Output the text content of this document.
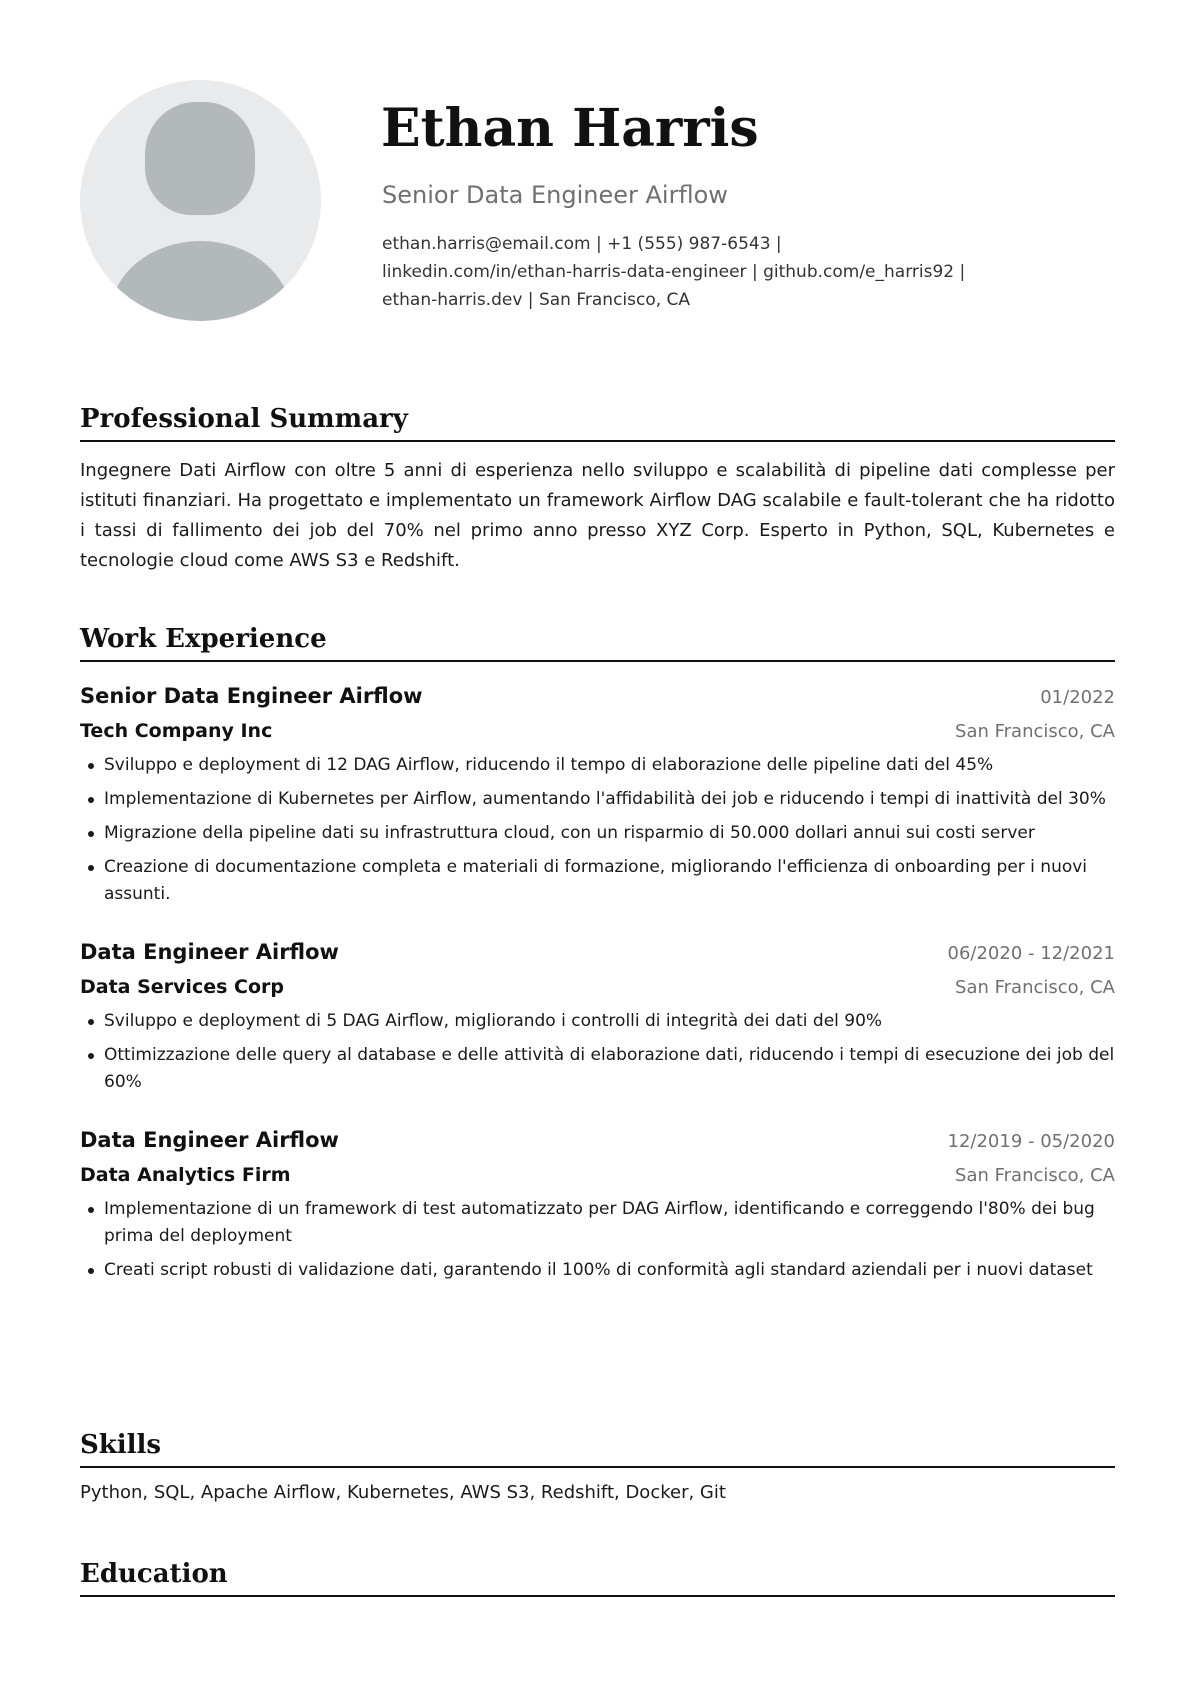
Ethan Harris
Senior Data Engineer Airflow
ethan.harris@email.com | +1 (555) 987-6543 | linkedin.com/in/ethan-harris-data-engineer | github.com/e_harris92 | ethan-harris.dev | San Francisco, CA
Professional Summary
Ingegnere Dati Airflow con oltre 5 anni di esperienza nello sviluppo e scalabilità di pipeline dati complesse per istituti finanziari. Ha progettato e implementato un framework Airflow DAG scalabile e fault-tolerant che ha ridotto i tassi di fallimento dei job del 70% nel primo anno presso XYZ Corp. Esperto in Python, SQL, Kubernetes e tecnologie cloud come AWS S3 e Redshift.
Work Experience
Senior Data Engineer Airflow	01/2022
Tech Company Inc	San Francisco, CA
Sviluppo e deployment di 12 DAG Airflow, riducendo il tempo di elaborazione delle pipeline dati del 45%
Implementazione di Kubernetes per Airflow, aumentando l'affidabilità dei job e riducendo i tempi di inattività del 30%
Migrazione della pipeline dati su infrastruttura cloud, con un risparmio di 50.000 dollari annui sui costi server
Creazione di documentazione completa e materiali di formazione, migliorando l'efficienza di onboarding per i nuovi assunti.
Data Engineer Airflow	06/2020 - 12/2021
Data Services Corp	San Francisco, CA
Sviluppo e deployment di 5 DAG Airflow, migliorando i controlli di integrità dei dati del 90%
Ottimizzazione delle query al database e delle attività di elaborazione dati, riducendo i tempi di esecuzione dei job del 60%
Data Engineer Airflow	12/2019 - 05/2020
Data Analytics Firm	San Francisco, CA
Implementazione di un framework di test automatizzato per DAG Airflow, identificando e correggendo l'80% dei bug prima del deployment
Creati script robusti di validazione dati, garantendo il 100% di conformità agli standard aziendali per i nuovi dataset
Skills
Python, SQL, Apache Airflow, Kubernetes, AWS S3, Redshift, Docker, Git
Education
